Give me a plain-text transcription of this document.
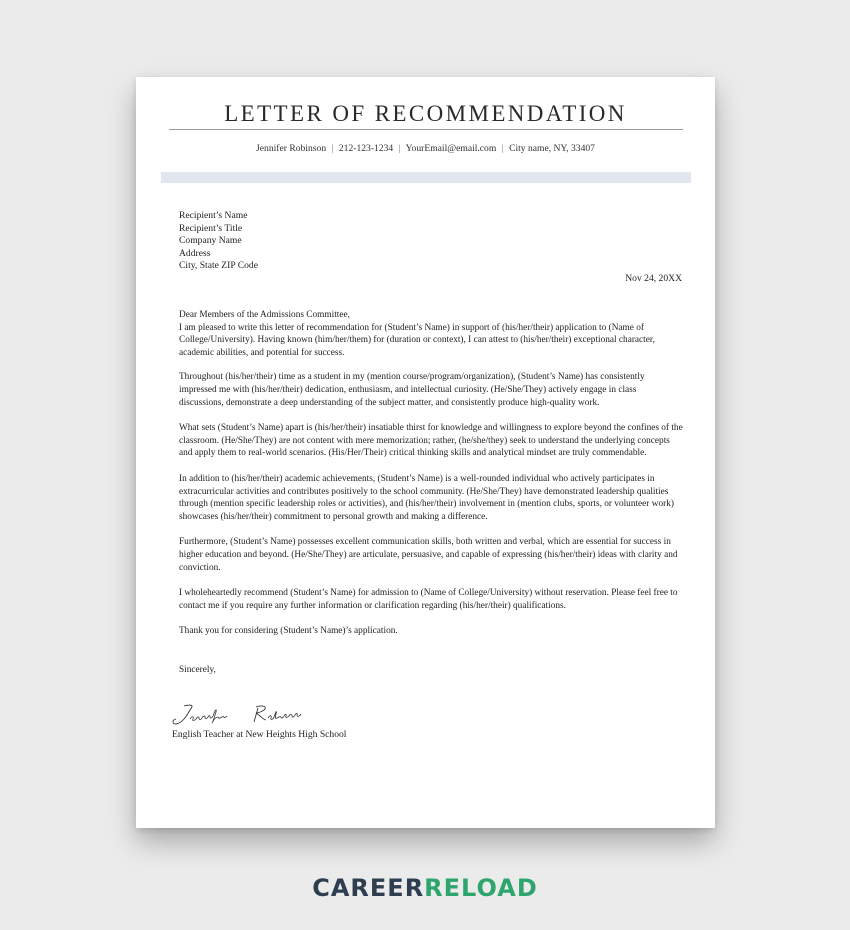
LETTER OF RECOMMENDATION
Jennifer Robinson | 212-123-1234 | YourEmail@email.com | City name, NY, 33407
Recipient’s Name
Recipient’s Title
Company Name
Address
City, State ZIP Code
Nov 24, 20XX
Dear Members of the Admissions Committee,

I am pleased to write this letter of recommendation for (Student’s Name) in support of (his/her/their) application to (Name of College/University). Having known (him/her/them) for (duration or context), I can attest to (his/her/their) exceptional character, academic abilities, and potential for success.

Throughout (his/her/their) time as a student in my (mention course/program/organization), (Student’s Name) has consistently impressed me with (his/her/their) dedication, enthusiasm, and intellectual curiosity. (He/She/They) actively engage in class discussions, demonstrate a deep understanding of the subject matter, and consistently produce high-quality work.

What sets (Student’s Name) apart is (his/her/their) insatiable thirst for knowledge and willingness to explore beyond the confines of the classroom. (He/She/They) are not content with mere memorization; rather, (he/she/they) seek to understand the underlying concepts and apply them to real-world scenarios. (His/Her/Their) critical thinking skills and analytical mindset are truly commendable.

In addition to (his/her/their) academic achievements, (Student’s Name) is a well-rounded individual who actively participates in extracurricular activities and contributes positively to the school community. (He/She/They) have demonstrated leadership qualities through (mention specific leadership roles or activities), and (his/her/their) involvement in (mention clubs, sports, or volunteer work) showcases (his/her/their) commitment to personal growth and making a difference.

Furthermore, (Student’s Name) possesses excellent communication skills, both written and verbal, which are essential for success in higher education and beyond. (He/She/They) are articulate, persuasive, and capable of expressing (his/her/their) ideas with clarity and conviction.

I wholeheartedly recommend (Student’s Name) for admission to (Name of College/University) without reservation. Please feel free to contact me if you require any further information or clarification regarding (his/her/their) qualifications.

Thank you for considering (Student’s Name)’s application.

Sincerely,

English Teacher at New Heights High School
CAREERRELOAD
